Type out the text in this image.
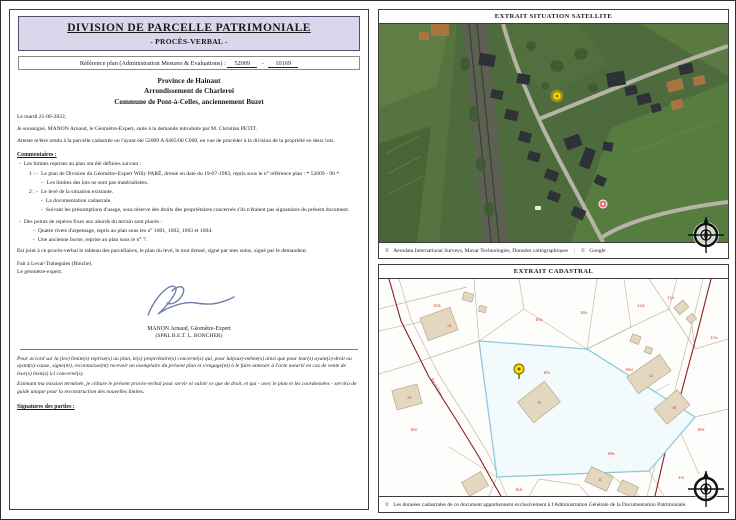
DIVISION DE PARCELLE PATRIMONIALE
- PROCÈS-VERBAL -
Référence plan (Administration Mesures & Evaluations) : 52009 - 10169
Province de Hainaut
Arrondissement de Charleroi
Commune de Pont-à-Celles, anciennement Buzet
Le mardi 21-06-2022,
Je soussigné, MANON Arnaud, le Géomètre-Expert, suite à la demande introduite par M. Christian PETIT.
Atteste m'être rendu à la parcelle cadastrée ou l'ayant été 52009 A 0405/00 C000, en vue de procéder à la division de la propriété en deux lots.
Commentaires :
- Les limites reprises au plan ont été définies suivant :
1 : - Le plan de Division du Géomètre-Expert Willy PARÉ, dressé en date du 19-07-1983, repris sous le n° référence plan : * 52009 - 90 *.
– Les limites des lots ne sont pas matérialisées.
2 : - Le levé de la situation existante.
- La documentation cadastrale.
- Suivant les présomptions d'usage, sous réserve des droits des propriétaires concernés s'ils n'étaient pas signataires du présent document.
- Des points de repères fixes aux abords du terrain sont placés :
- Quatre rivets d'arpentage, repris au plan sous les n° 1001, 1002, 1003 et 1004.
- Une ancienne borne, reprise au plan sous le n° 7.
Est joint à ce procès-verbal le tableau des parcellaires, le plan du levé, le tout dressé, signé par mes soins, signé par le demandeur.
Fait à Leval-Trahegnies (Binche).
Le géomètre-expert.
MANON Arnaud, Géomètre-Expert
(SPRL B.E.T. L. BONCHER)
Pour accord sur la (les) limite(s) reprise(s) au plan, le(s) propriétaire(s) concerné(s) qui, pour lui(eux)-même(s) ainsi que pour leur(s) ayant(s)-droit ou ayant(s)-cause, signe(nt), reconnaisse(nt) recevoir un exemplaire du présent plan et s'engage(nt) à le faire annexer à l'acte notarié en cas de vente de leur(s) bien(s) ici concerné(s).
Estimant ma mission terminée, je clôture le présent procès-verbal pour servir et valoir ce que de droit, et qui - avec le plan et les coordonnées - servira de guide unique pour la reconstruction des nouvelles limites.
Signatures des parties :
EXTRAIT SITUATION SATELLITE
© Aerodata International Surveys, Maxar Technologies, Données cartographiques	|	© Google
EXTRAIT CADASTRAL
15
14
13
12
16
11
403b
405a
406c
412b
412c
413a
406d
409e
402f
405c
408a
404e
410
Rue de Buzet
© Les données cadastrales de ce document appartiennent exclusivement à l'Administration Générale de la Documentation Patrimoniale.
